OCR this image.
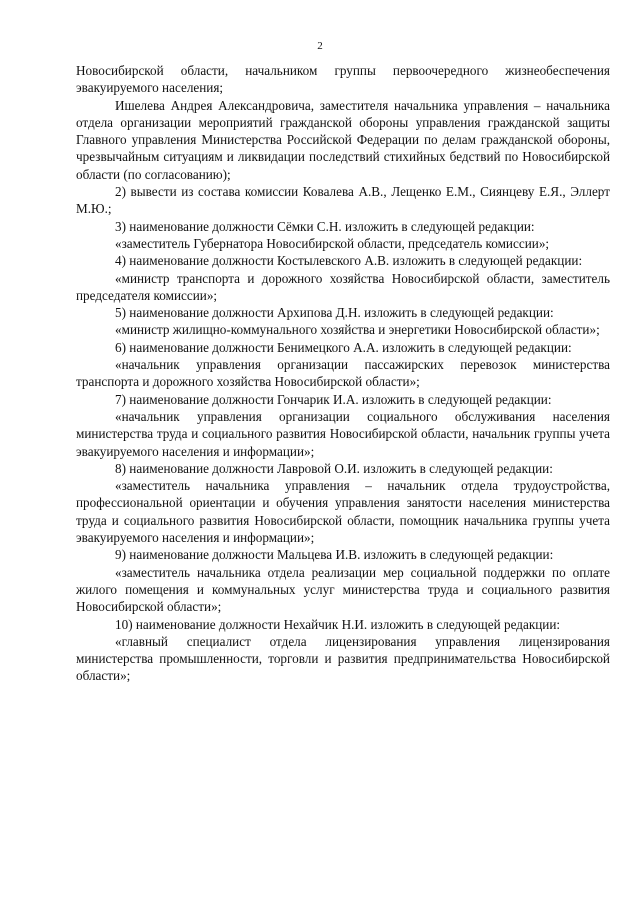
2

Новосибирской области, начальником группы первоочередного жизнеобеспечения эвакуируемого населения;

Ишелева Андрея Александровича, заместителя начальника управления – начальника отдела организации мероприятий гражданской обороны управления гражданской защиты Главного управления Министерства Российской Федерации по делам гражданской обороны, чрезвычайным ситуациям и ликвидации последствий стихийных бедствий по Новосибирской области (по согласованию);

2) вывести из состава комиссии Ковалева А.В., Лещенко Е.М., Сиянцеву Е.Я., Эллерт М.Ю.;

3) наименование должности Сёмки С.Н. изложить в следующей редакции:

«заместитель Губернатора Новосибирской области, председатель комиссии»;

4) наименование должности Костылевского А.В. изложить в следующей редакции:

«министр транспорта и дорожного хозяйства Новосибирской области, заместитель председателя комиссии»;

5) наименование должности Архипова Д.Н. изложить в следующей редакции:

«министр жилищно-коммунального хозяйства и энергетики Новосибирской области»;

6) наименование должности Бенимецкого А.А. изложить в следующей редакции:

«начальник управления организации пассажирских перевозок министерства транспорта и дорожного хозяйства Новосибирской области»;

7) наименование должности Гончарик И.А. изложить в следующей редакции:

«начальник управления организации социального обслуживания населения министерства труда и социального развития Новосибирской области, начальник группы учета эвакуируемого населения и информации»;

8) наименование должности Лавровой О.И. изложить в следующей редакции:

«заместитель начальника управления – начальник отдела трудоустройства, профессиональной ориентации и обучения управления занятости населения министерства труда и социального развития Новосибирской области, помощник начальника группы учета эвакуируемого населения и информации»;

9) наименование должности Мальцева И.В. изложить в следующей редакции:

«заместитель начальника отдела реализации мер социальной поддержки по оплате жилого помещения и коммунальных услуг министерства труда и социального развития Новосибирской области»;

10) наименование должности Нехайчик Н.И. изложить в следующей редакции:

«главный специалист отдела лицензирования управления лицензирования министерства промышленности, торговли и развития предпринимательства Новосибирской области»;
